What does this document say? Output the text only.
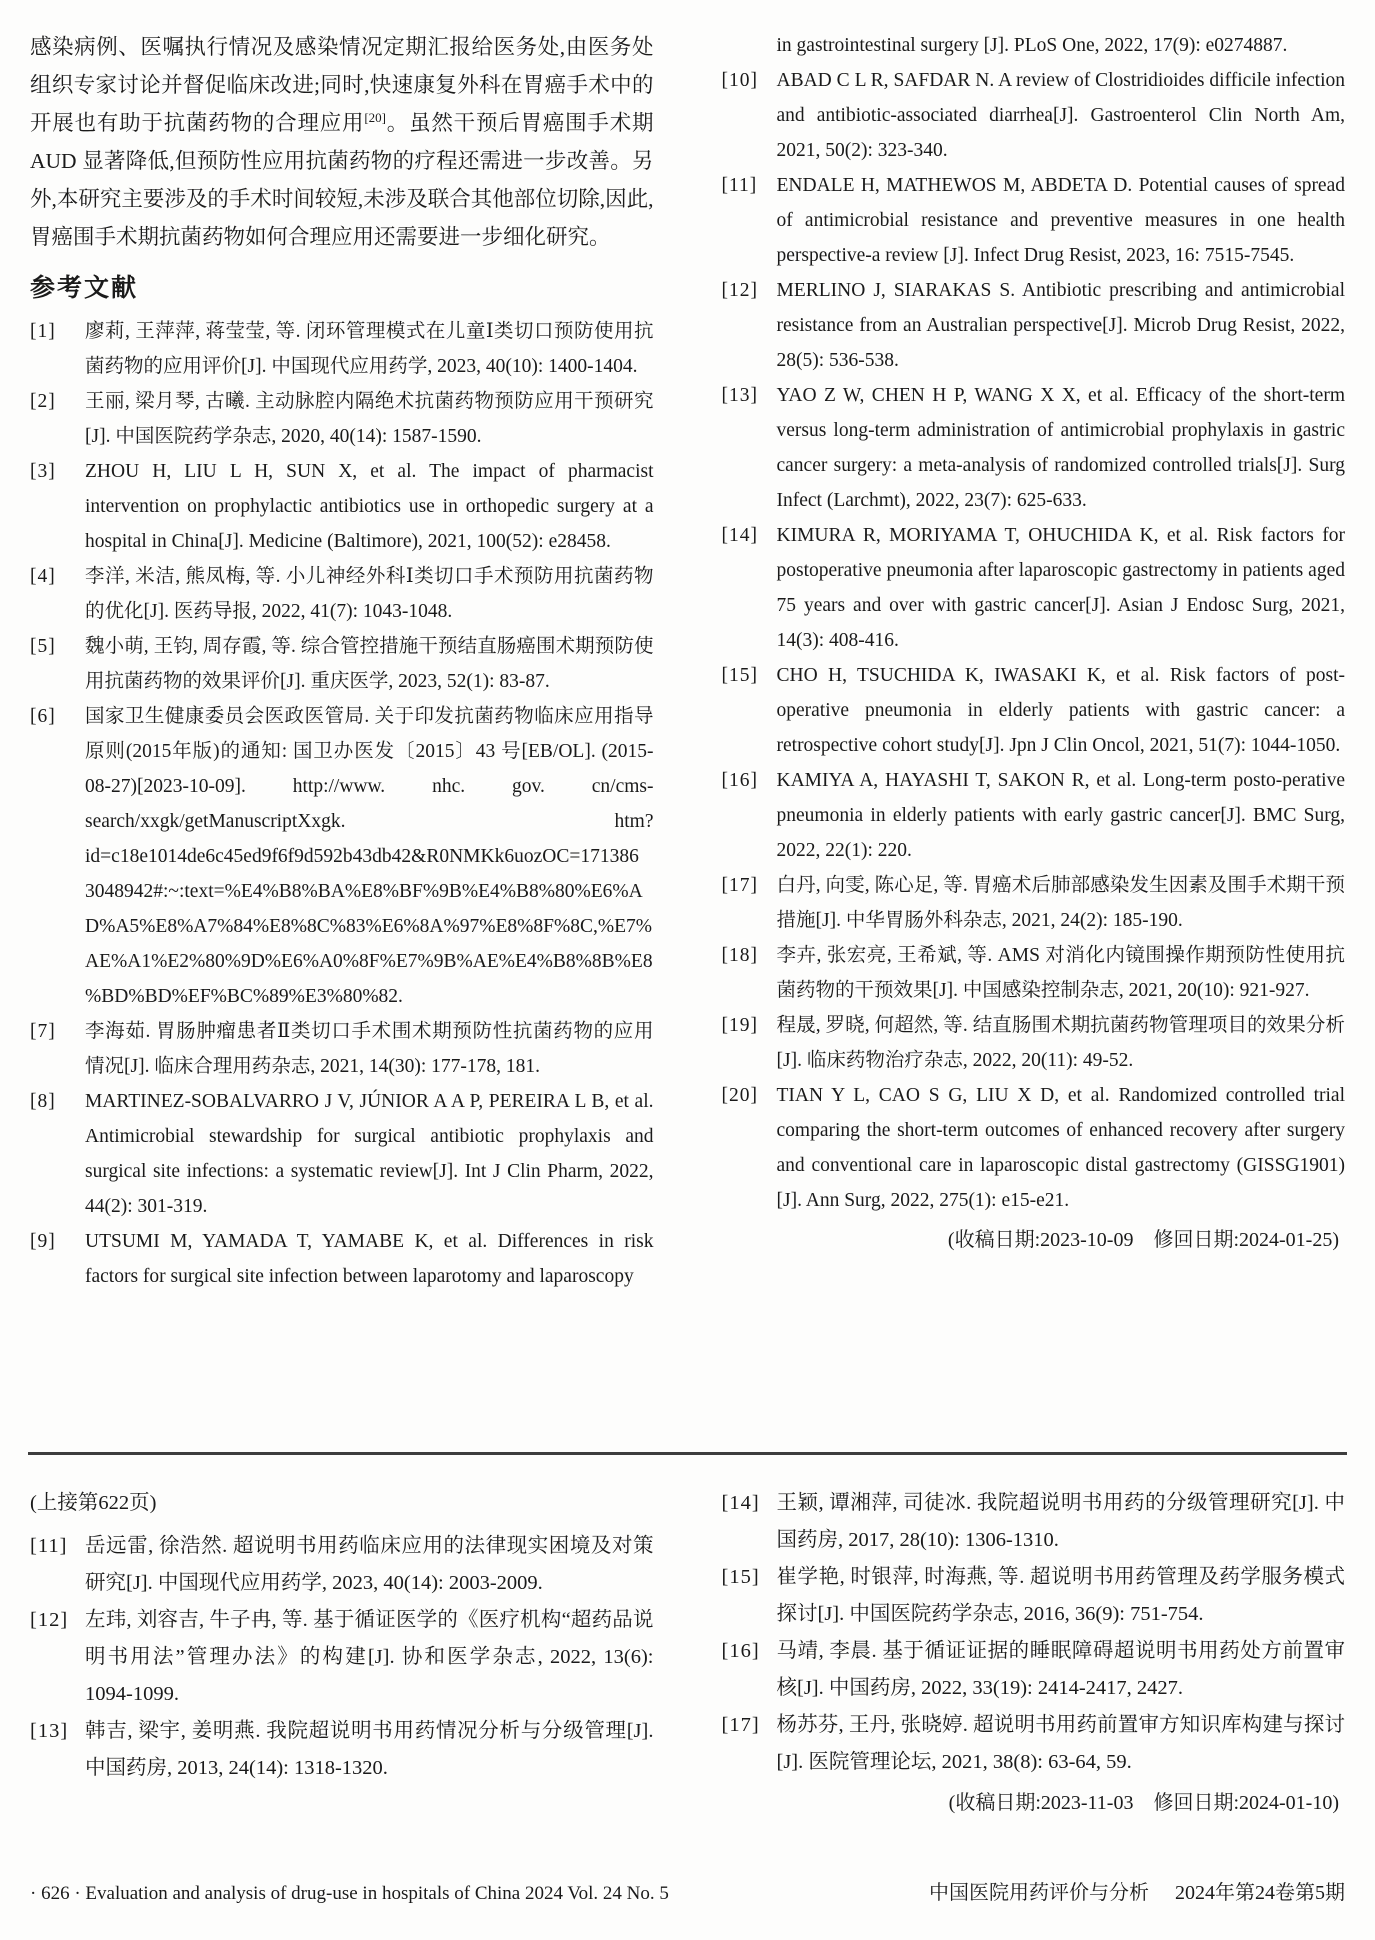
感染病例、医嘱执行情况及感染情况定期汇报给医务处,由医务处组织专家讨论并督促临床改进;同时,快速康复外科在胃癌手术中的开展也有助于抗菌药物的合理应用[20]。虽然干预后胃癌围手术期 AUD 显著降低,但预防性应用抗菌药物的疗程还需进一步改善。另外,本研究主要涉及的手术时间较短,未涉及联合其他部位切除,因此,胃癌围手术期抗菌药物如何合理应用还需要进一步细化研究。

参考文献
[1] 廖莉, 王萍萍, 蒋莹莹, 等. 闭环管理模式在儿童Ⅰ类切口预防使用抗菌药物的应用评价[J]. 中国现代应用药学, 2023, 40(10): 1400-1404.
[2] 王丽, 梁月琴, 古曦. 主动脉腔内隔绝术抗菌药物预防应用干预研究[J]. 中国医院药学杂志, 2020, 40(14): 1587-1590.
[3] ZHOU H, LIU L H, SUN X, et al. The impact of pharmacist intervention on prophylactic antibiotics use in orthopedic surgery at a hospital in China[J]. Medicine (Baltimore), 2021, 100(52): e28458.
[4] 李洋, 米洁, 熊凤梅, 等. 小儿神经外科Ⅰ类切口手术预防用抗菌药物的优化[J]. 医药导报, 2022, 41(7): 1043-1048.
[5] 魏小萌, 王钧, 周存霞, 等. 综合管控措施干预结直肠癌围术期预防使用抗菌药物的效果评价[J]. 重庆医学, 2023, 52(1): 83-87.
[6] 国家卫生健康委员会医政医管局. 关于印发抗菌药物临床应用指导原则(2015年版)的通知: 国卫办医发〔2015〕43 号[EB/OL]. (2015-08-27)[2023-10-09]. http://www. nhc. gov. cn/cms-search/xxgk/getManuscriptXxgk. htm? id=c18e1014de6c45ed9f6f9d592b43db42&R0NMKk6uozOC=171386 3048942#:~:text=%E4%B8%BA%E8%BF%9B%E4%B8%80%E6%AD%A5%E8%A7%84%E8%8C%83%E6%8A%97%E8%8F%8C,%E7%AE%A1%E2%80%9D%E6%A0%8F%E7%9B%AE%E4%B8%8B%E8%BD%BD%EF%BC%89%E3%80%82.
[7] 李海茹. 胃肠肿瘤患者Ⅱ类切口手术围术期预防性抗菌药物的应用情况[J]. 临床合理用药杂志, 2021, 14(30): 177-178, 181.
[8] MARTINEZ-SOBALVARRO J V, JÚNIOR A A P, PEREIRA L B, et al. Antimicrobial stewardship for surgical antibiotic prophylaxis and surgical site infections: a systematic review[J]. Int J Clin Pharm, 2022, 44(2): 301-319.
[9] UTSUMI M, YAMADA T, YAMABE K, et al. Differences in risk factors for surgical site infection between laparotomy and laparoscopy
in gastrointestinal surgery [J]. PLoS One, 2022, 17(9): e0274887.
[10] ABAD C L R, SAFDAR N. A review of Clostridioides difficile infection and antibiotic-associated diarrhea[J]. Gastroenterol Clin North Am, 2021, 50(2): 323-340.
[11] ENDALE H, MATHEWOS M, ABDETA D. Potential causes of spread of antimicrobial resistance and preventive measures in one health perspective-a review [J]. Infect Drug Resist, 2023, 16: 7515-7545.
[12] MERLINO J, SIARAKAS S. Antibiotic prescribing and antimicrobial resistance from an Australian perspective[J]. Microb Drug Resist, 2022, 28(5): 536-538.
[13] YAO Z W, CHEN H P, WANG X X, et al. Efficacy of the short-term versus long-term administration of antimicrobial prophylaxis in gastric cancer surgery: a meta-analysis of randomized controlled trials[J]. Surg Infect (Larchmt), 2022, 23(7): 625-633.
[14] KIMURA R, MORIYAMA T, OHUCHIDA K, et al. Risk factors for postoperative pneumonia after laparoscopic gastrectomy in patients aged 75 years and over with gastric cancer[J]. Asian J Endosc Surg, 2021, 14(3): 408-416.
[15] CHO H, TSUCHIDA K, IWASAKI K, et al. Risk factors of post-operative pneumonia in elderly patients with gastric cancer: a retrospective cohort study[J]. Jpn J Clin Oncol, 2021, 51(7): 1044-1050.
[16] KAMIYA A, HAYASHI T, SAKON R, et al. Long-term posto-perative pneumonia in elderly patients with early gastric cancer[J]. BMC Surg, 2022, 22(1): 220.
[17] 白丹, 向雯, 陈心足, 等. 胃癌术后肺部感染发生因素及围手术期干预措施[J]. 中华胃肠外科杂志, 2021, 24(2): 185-190.
[18] 李卉, 张宏亮, 王希斌, 等. AMS 对消化内镜围操作期预防性使用抗菌药物的干预效果[J]. 中国感染控制杂志, 2021, 20(10): 921-927.
[19] 程晟, 罗晓, 何超然, 等. 结直肠围术期抗菌药物管理项目的效果分析[J]. 临床药物治疗杂志, 2022, 20(11): 49-52.
[20] TIAN Y L, CAO S G, LIU X D, et al. Randomized controlled trial comparing the short-term outcomes of enhanced recovery after surgery and conventional care in laparoscopic distal gastrectomy (GISSG1901)[J]. Ann Surg, 2022, 275(1): e15-e21.
(收稿日期:2023-10-09　修回日期:2024-01-25)
(上接第622页)
[11] 岳远雷, 徐浩然. 超说明书用药临床应用的法律现实困境及对策研究[J]. 中国现代应用药学, 2023, 40(14): 2003-2009.
[12] 左玮, 刘容吉, 牛子冉, 等. 基于循证医学的《医疗机构“超药品说明书用法”管理办法》的构建[J]. 协和医学杂志, 2022, 13(6): 1094-1099.
[13] 韩吉, 梁宇, 姜明燕. 我院超说明书用药情况分析与分级管理[J]. 中国药房, 2013, 24(14): 1318-1320.
[14] 王颖, 谭湘萍, 司徒冰. 我院超说明书用药的分级管理研究[J]. 中国药房, 2017, 28(10): 1306-1310.
[15] 崔学艳, 时银萍, 时海燕, 等. 超说明书用药管理及药学服务模式探讨[J]. 中国医院药学杂志, 2016, 36(9): 751-754.
[16] 马靖, 李晨. 基于循证证据的睡眠障碍超说明书用药处方前置审核[J]. 中国药房, 2022, 33(19): 2414-2417, 2427.
[17] 杨苏芬, 王丹, 张晓婷. 超说明书用药前置审方知识库构建与探讨[J]. 医院管理论坛, 2021, 38(8): 63-64, 59.
(收稿日期:2023-11-03　修回日期:2024-01-10)
· 626 · Evaluation and analysis of drug-use in hospitals of China 2024 Vol. 24 No. 5	中国医院用药评价与分析 2024年第24卷第5期
